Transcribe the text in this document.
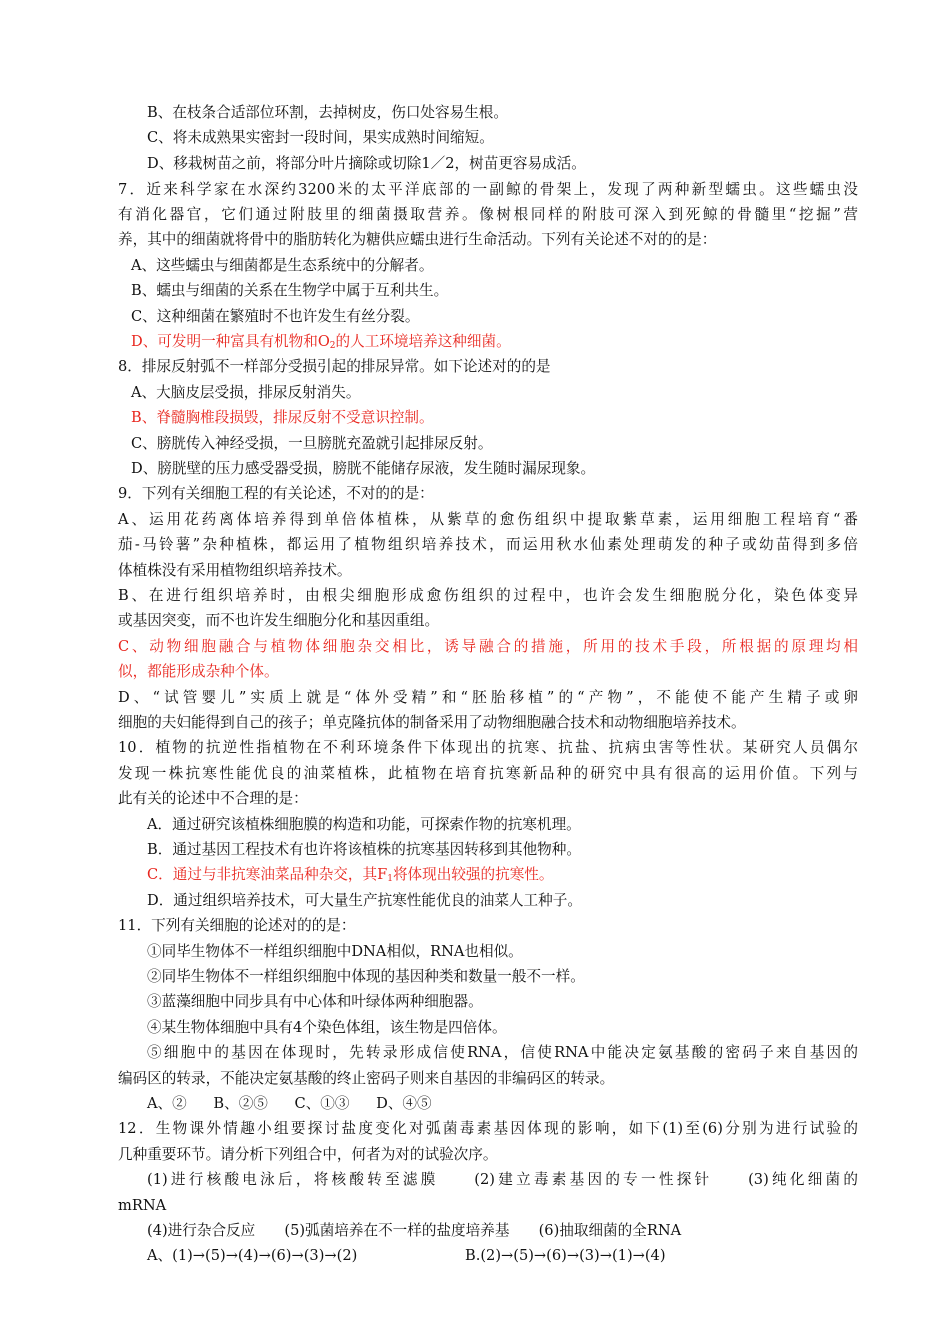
B、在枝条合适部位环割，去掉树皮，伤口处容易生根。
C、将未成熟果实密封一段时间，果实成熟时间缩短。
D、移栽树苗之前，将部分叶片摘除或切除1／2，树苗更容易成活。
7．近来科学家在水深约3200米的太平洋底部的一副鲸的骨架上，发现了两种新型蠕虫。这些蠕虫没
有消化器官，它们通过附肢里的细菌摄取营养。像树根同样的附肢可深入到死鲸的骨髓里“挖掘”营
养，其中的细菌就将骨中的脂肪转化为糖供应蠕虫进行生命活动。下列有关论述不对的的是：
A、这些蠕虫与细菌都是生态系统中的分解者。
B、蠕虫与细菌的关系在生物学中属于互利共生。
C、这种细菌在繁殖时不也许发生有丝分裂。
D、可发明一种富具有机物和$O_2$的人工环境培养这种细菌。
8．排尿反射弧不一样部分受损引起的排尿异常。如下论述对的的是
A、大脑皮层受损，排尿反射消失。
B、脊髓胸椎段损毁，排尿反射不受意识控制。
C、膀胱传入神经受损，一旦膀胱充盈就引起排尿反射。
D、膀胱壁的压力感受器受损，膀胱不能储存尿液，发生随时漏尿现象。
9．下列有关细胞工程的有关论述，不对的的是：
A、运用花药离体培养得到单倍体植株，从紫草的愈伤组织中提取紫草素，运用细胞工程培育“番
茄-马铃薯”杂种植株，都运用了植物组织培养技术，而运用秋水仙素处理萌发的种子或幼苗得到多倍
体植株没有采用植物组织培养技术。
B、在进行组织培养时，由根尖细胞形成愈伤组织的过程中，也许会发生细胞脱分化，染色体变异
或基因突变，而不也许发生细胞分化和基因重组。
C、动物细胞融合与植物体细胞杂交相比，诱导融合的措施，所用的技术手段，所根据的原理均相
似，都能形成杂种个体。
D、“试管婴儿”实质上就是“体外受精”和“胚胎移植”的“产物”，不能使不能产生精子或卵
细胞的夫妇能得到自己的孩子；单克隆抗体的制备采用了动物细胞融合技术和动物细胞培养技术。
10．植物的抗逆性指植物在不利环境条件下体现出的抗寒、抗盐、抗病虫害等性状。某研究人员偶尔
发现一株抗寒性能优良的油菜植株，此植物在培育抗寒新品种的研究中具有很高的运用价值。下列与
此有关的论述中不合理的是：
A．通过研究该植株细胞膜的构造和功能，可探索作物的抗寒机理。
B．通过基因工程技术有也许将该植株的抗寒基因转移到其他物种。
C．通过与非抗寒油菜品种杂交，其$F_1$将体现出较强的抗寒性。
D．通过组织培养技术，可大量生产抗寒性能优良的油菜人工种子。
11．下列有关细胞的论述对的的是：
①同毕生物体不一样组织细胞中DNA相似，RNA也相似。
②同毕生物体不一样组织细胞中体现的基因种类和数量一般不一样。
③蓝藻细胞中同步具有中心体和叶绿体两种细胞器。
④某生物体细胞中具有4个染色体组，该生物是四倍体。
⑤细胞中的基因在体现时，先转录形成信使RNA，信使RNA中能决定氨基酸的密码子来自基因的
编码区的转录，不能决定氨基酸的终止密码子则来自基因的非编码区的转录。
A、② B、②⑤ C、①③ D、④⑤
12．生物课外情趣小组要探讨盐度变化对弧菌毒素基因体现的影响，如下(1)至(6)分别为进行试验的
几种重要环节。请分析下列组合中，何者为对的试验次序。
(1)进行核酸电泳后，将核酸转至滤膜　　(2)建立毒素基因的专一性探针　　(3)纯化细菌的
mRNA
(4)进行杂合反应　　(5)弧菌培养在不一样的盐度培养基　　(6)抽取细菌的全RNA
A、(1)→(5)→(4)→(6)→(3)→(2)	B.(2)→(5)→(6)→(3)→(1)→(4)
